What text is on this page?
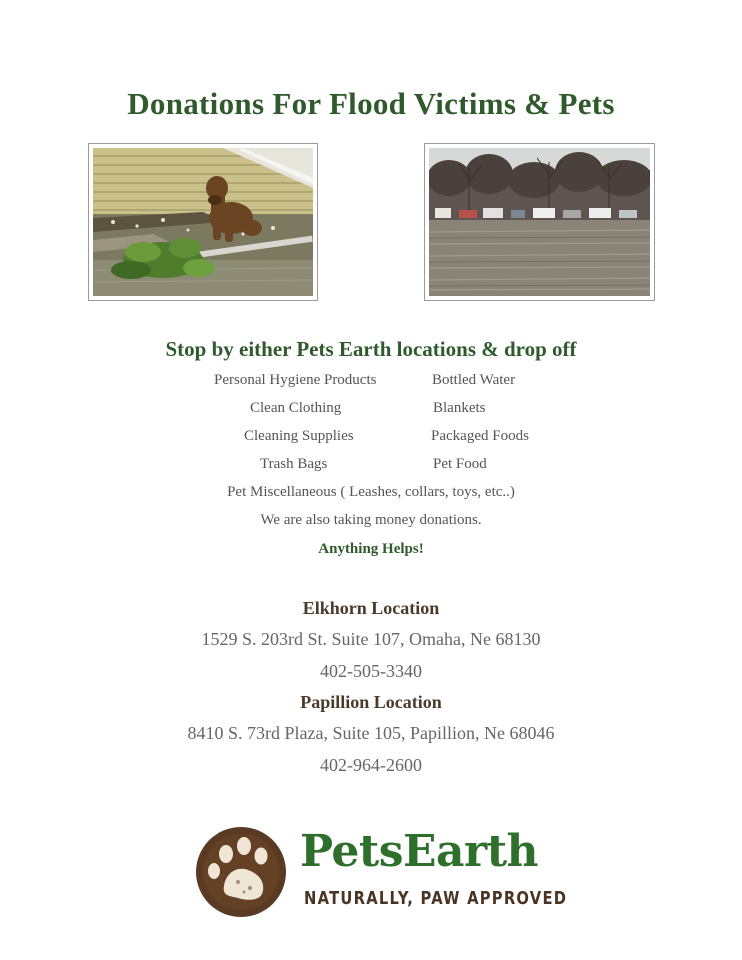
Donations For Flood Victims & Pets
Stop by either Pets Earth locations & drop off
Personal Hygiene Products
Clean Clothing
Cleaning Supplies
Trash Bags
Bottled Water
Blankets
Packaged Foods
Pet Food
Pet Miscellaneous ( Leashes, collars, toys, etc..)
We are also taking money donations.
Anything Helps!
Elkhorn Location
1529 S. 203rd St. Suite 107, Omaha, Ne 68130
402-505-3340
Papillion Location
8410 S. 73rd Plaza, Suite 105, Papillion, Ne 68046
402-964-2600
PetsEarth
NATURALLY, PAW APPROVED
